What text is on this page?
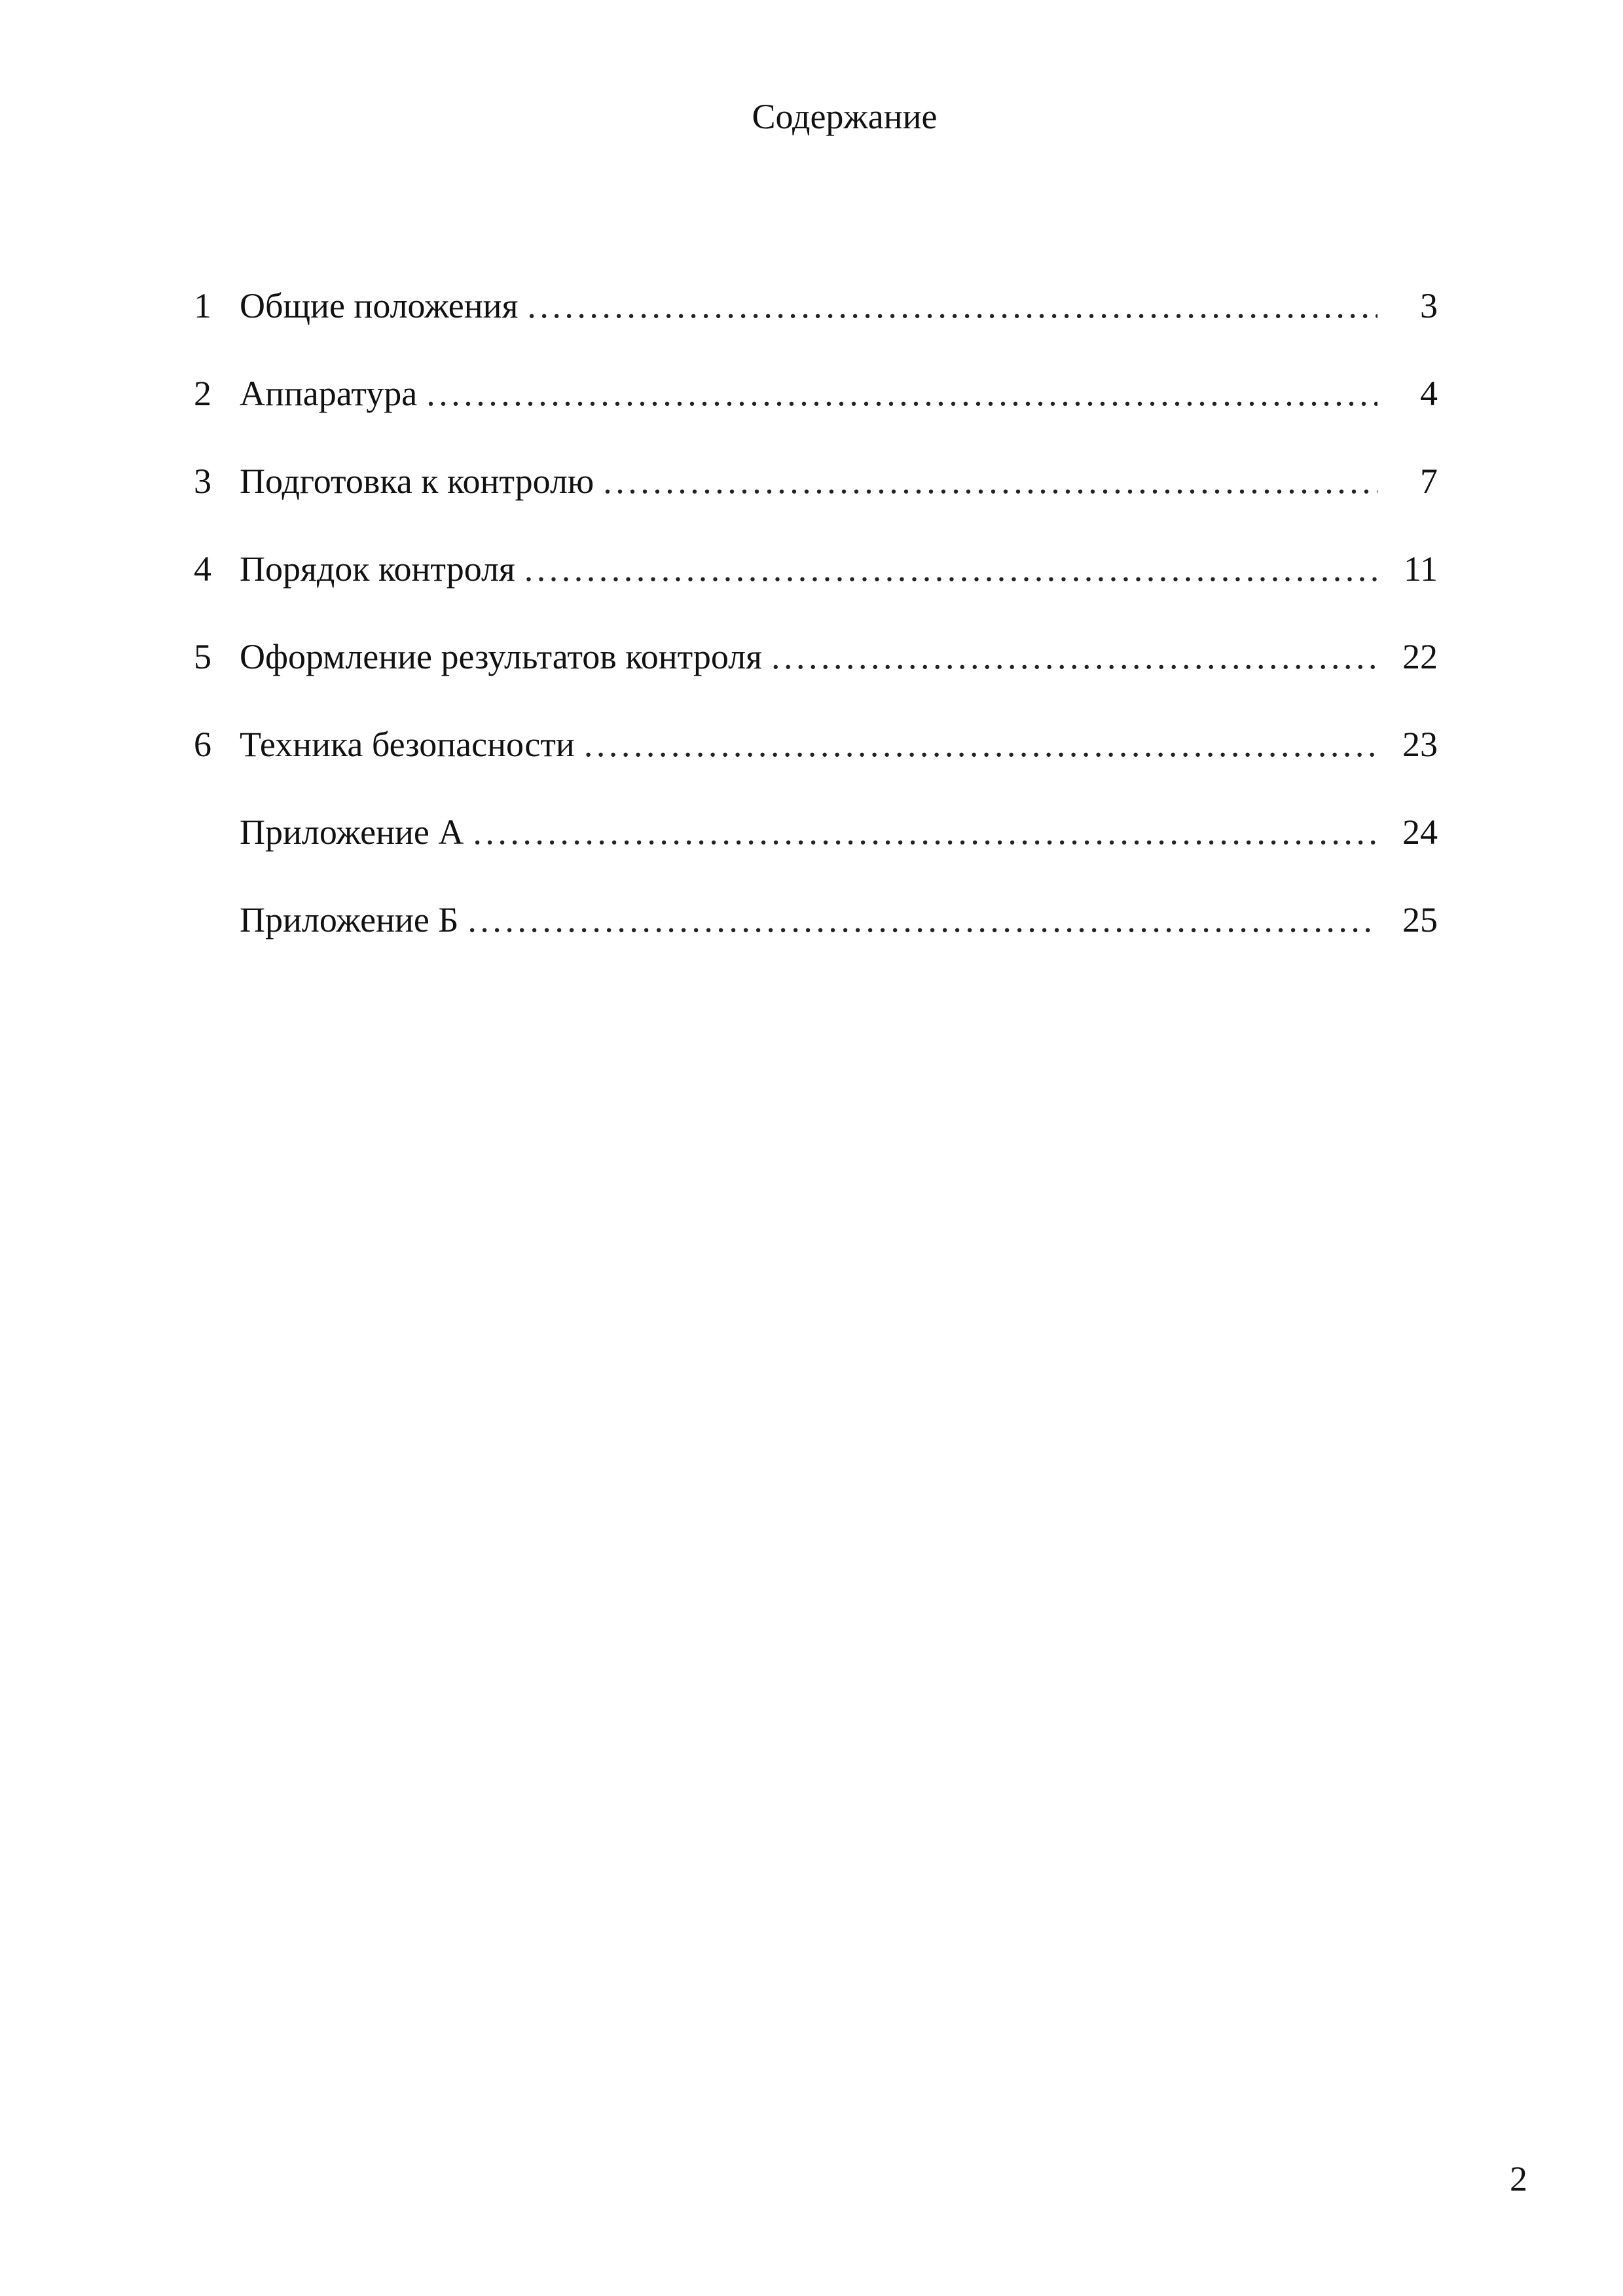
Содержание
1 Общие положения . . .	3
2 Аппаратура . . .	4
3 Подготовка к контролю . . .	7
4 Порядок контроля . . .	11
5 Оформление результатов контроля . . .	22
6 Техника безопасности . . .	23
Приложение А . . .	24
Приложение Б . . .	25
2
